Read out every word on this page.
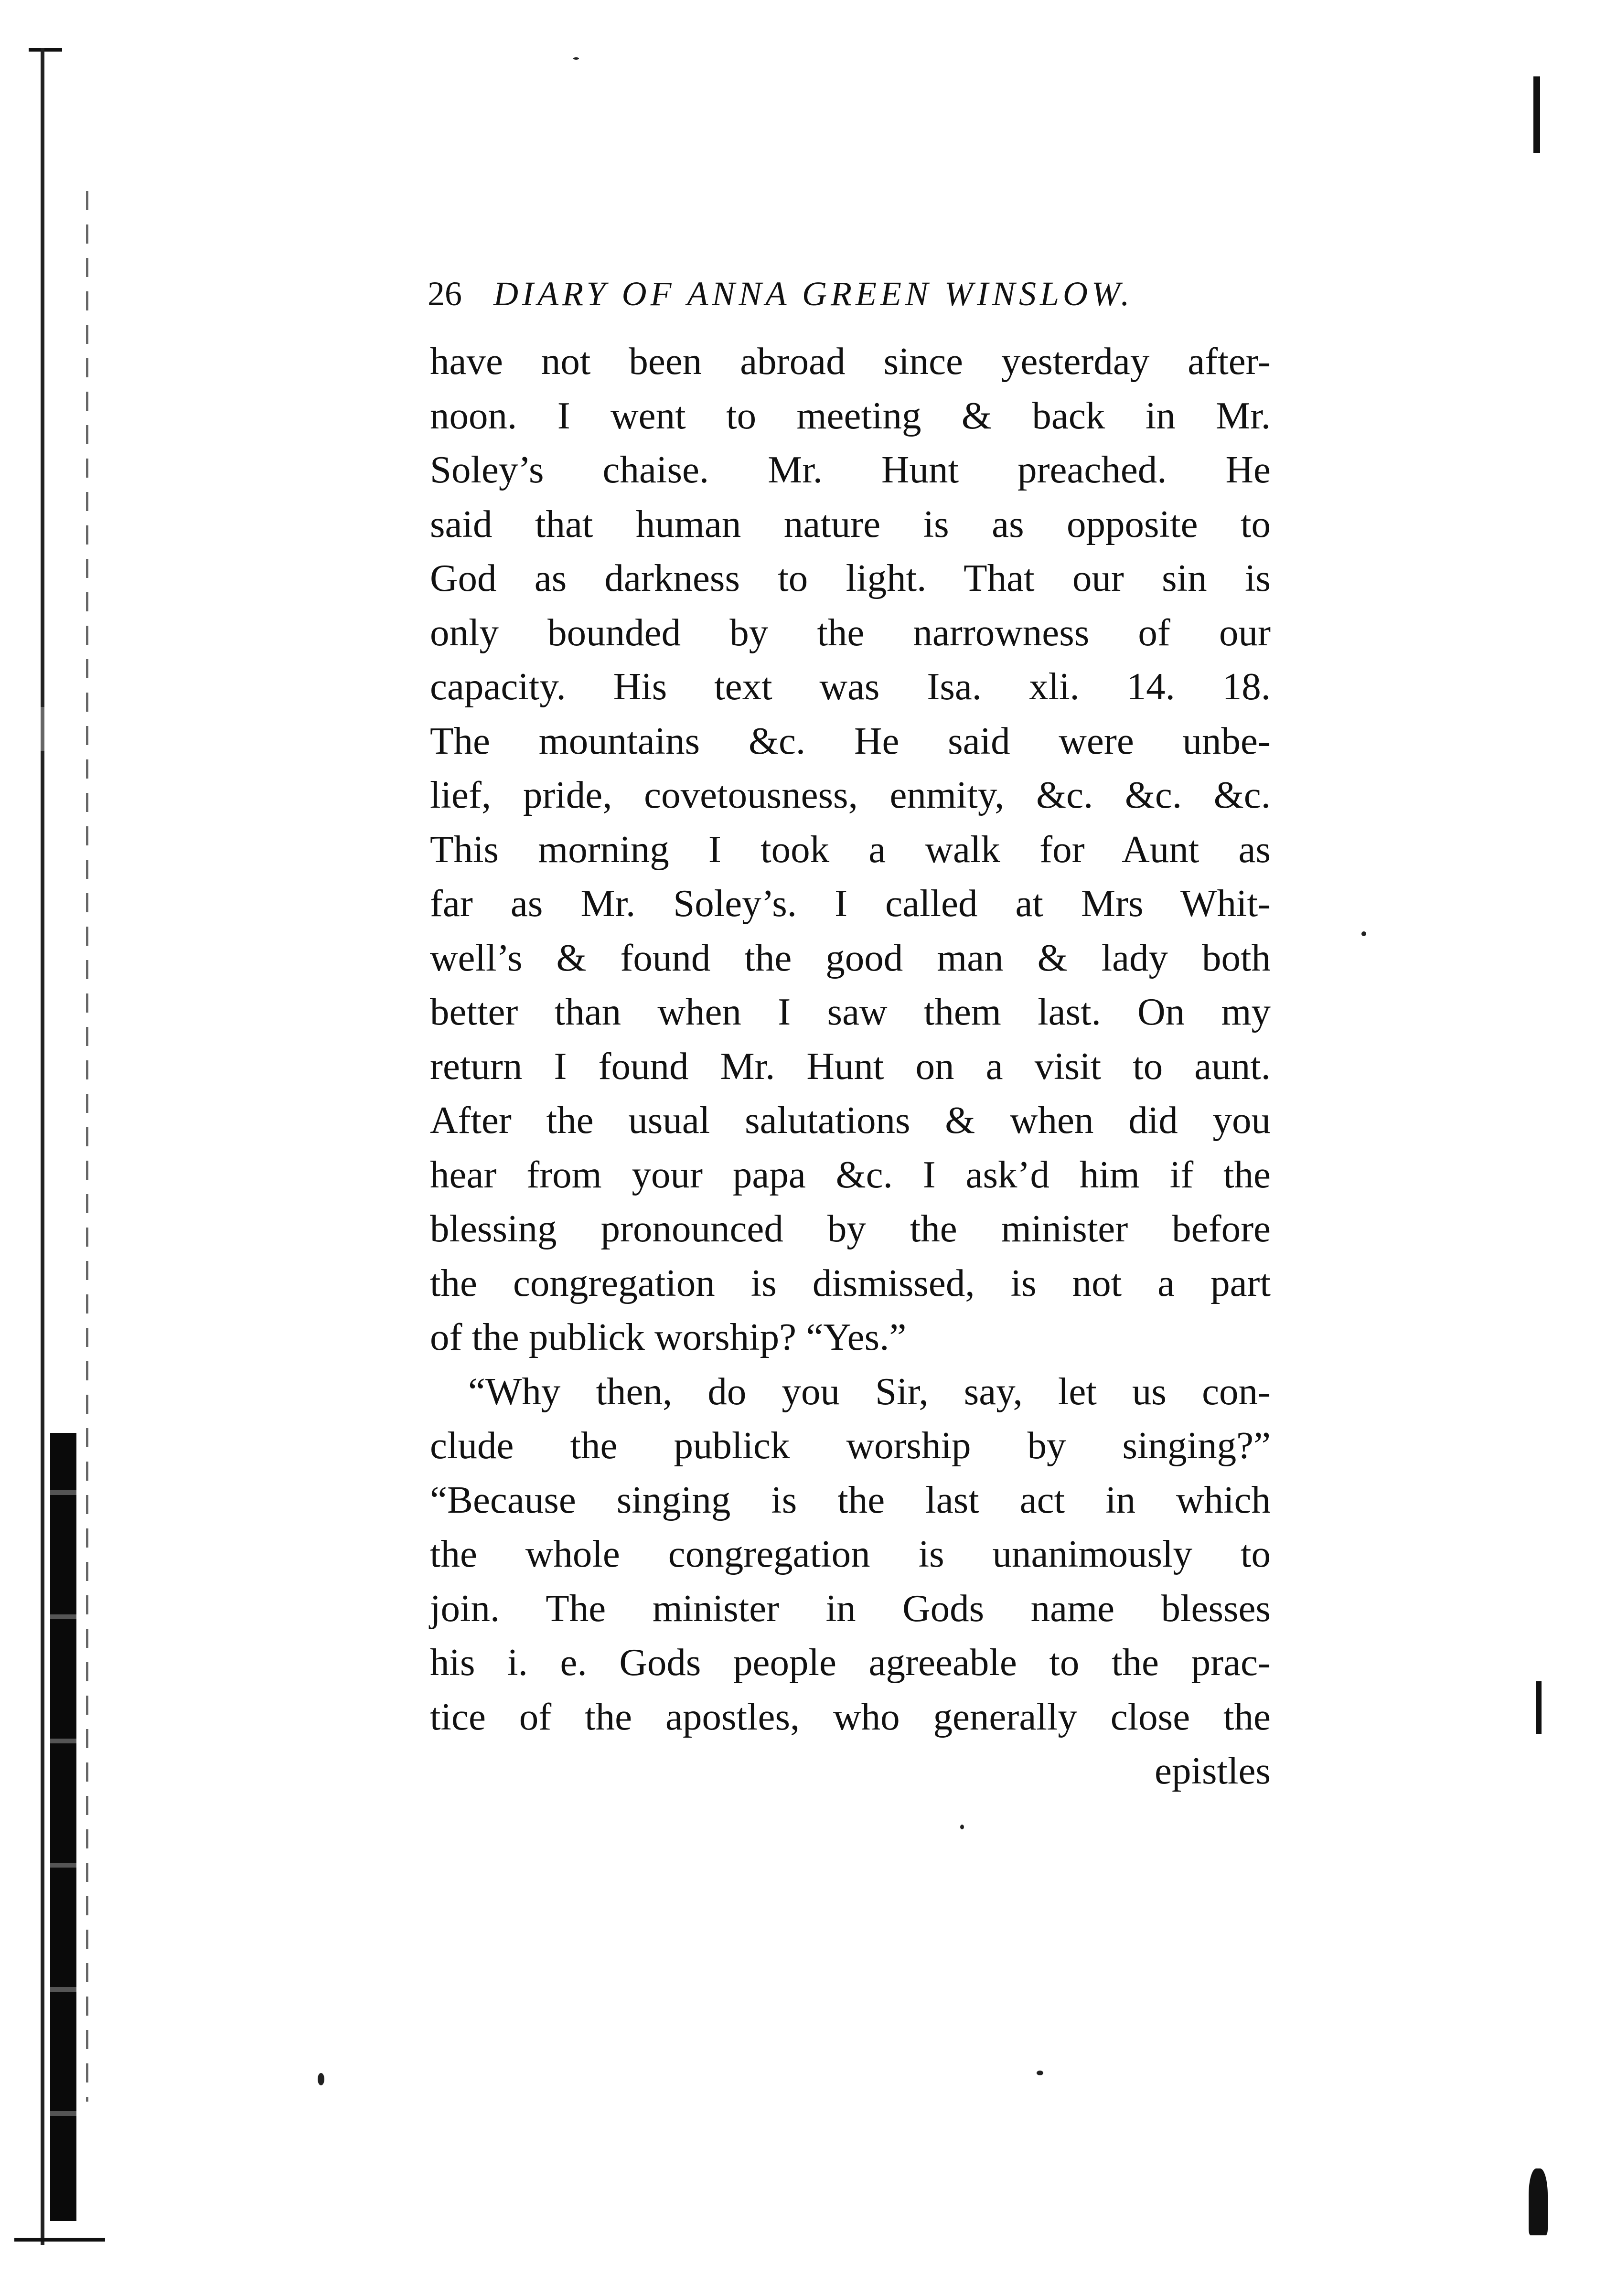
26 DIARY OF ANNA GREEN WINSLOW.
have not been abroad since yesterday after-
noon. I went to meeting & back in Mr.
Soley’s chaise. Mr. Hunt preached. He
said that human nature is as opposite to
God as darkness to light. That our sin is
only bounded by the narrowness of our
capacity. His text was Isa. xli. 14. 18.
The mountains &c. He said were unbe-
lief, pride, covetousness, enmity, &c. &c. &c.
This morning I took a walk for Aunt as
far as Mr. Soley’s. I called at Mrs Whit-
well’s & found the good man & lady both
better than when I saw them last. On my
return I found Mr. Hunt on a visit to aunt.
After the usual salutations & when did you
hear from your papa &c. I ask’d him if the
blessing pronounced by the minister before
the congregation is dismissed, is not a part
of the publick worship? “Yes.”
“Why then, do you Sir, say, let us con-
clude the publick worship by singing?”
“Because singing is the last act in which
the whole congregation is unanimously to
join. The minister in Gods name blesses
his i. e. Gods people agreeable to the prac-
tice of the apostles, who generally close the
epistles
